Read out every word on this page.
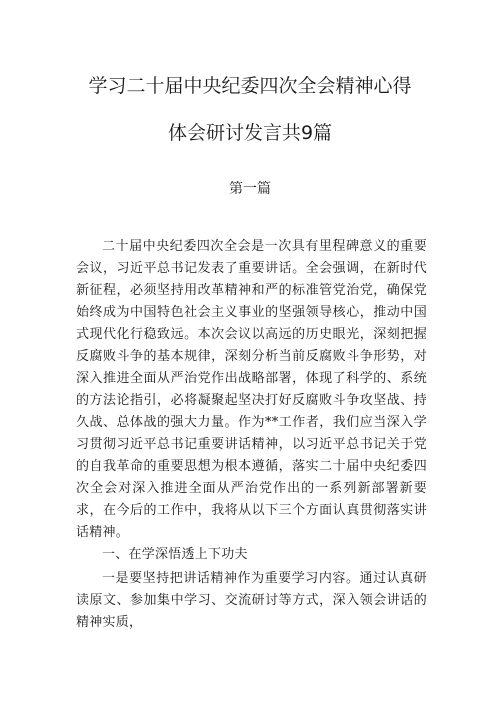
学习二十届中央纪委四次全会精神心得
体会研讨发言共9篇
第一篇

二十届中央纪委四次全会是一次具有里程碑意义的重要会议，习近平总书记发表了重要讲话。全会强调，在新时代新征程，必须坚持用改革精神和严的标准管党治党，确保党始终成为中国特色社会主义事业的坚强领导核心，推动中国式现代化行稳致远。本次会议以高远的历史眼光，深刻把握反腐败斗争的基本规律，深刻分析当前反腐败斗争形势，对深入推进全面从严治党作出战略部署，体现了科学的、系统的方法论指引，必将凝聚起坚决打好反腐败斗争攻坚战、持久战、总体战的强大力量。作为**工作者，我们应当深入学习贯彻习近平总书记重要讲话精神，以习近平总书记关于党的自我革命的重要思想为根本遵循，落实二十届中央纪委四次全会对深入推进全面从严治党作出的一系列新部署新要求，在今后的工作中，我将从以下三个方面认真贯彻落实讲话精神。

一、在学深悟透上下功夫

一是要坚持把讲话精神作为重要学习内容。通过认真研读原文、参加集中学习、交流研讨等方式，深入领会讲话的精神实质，
